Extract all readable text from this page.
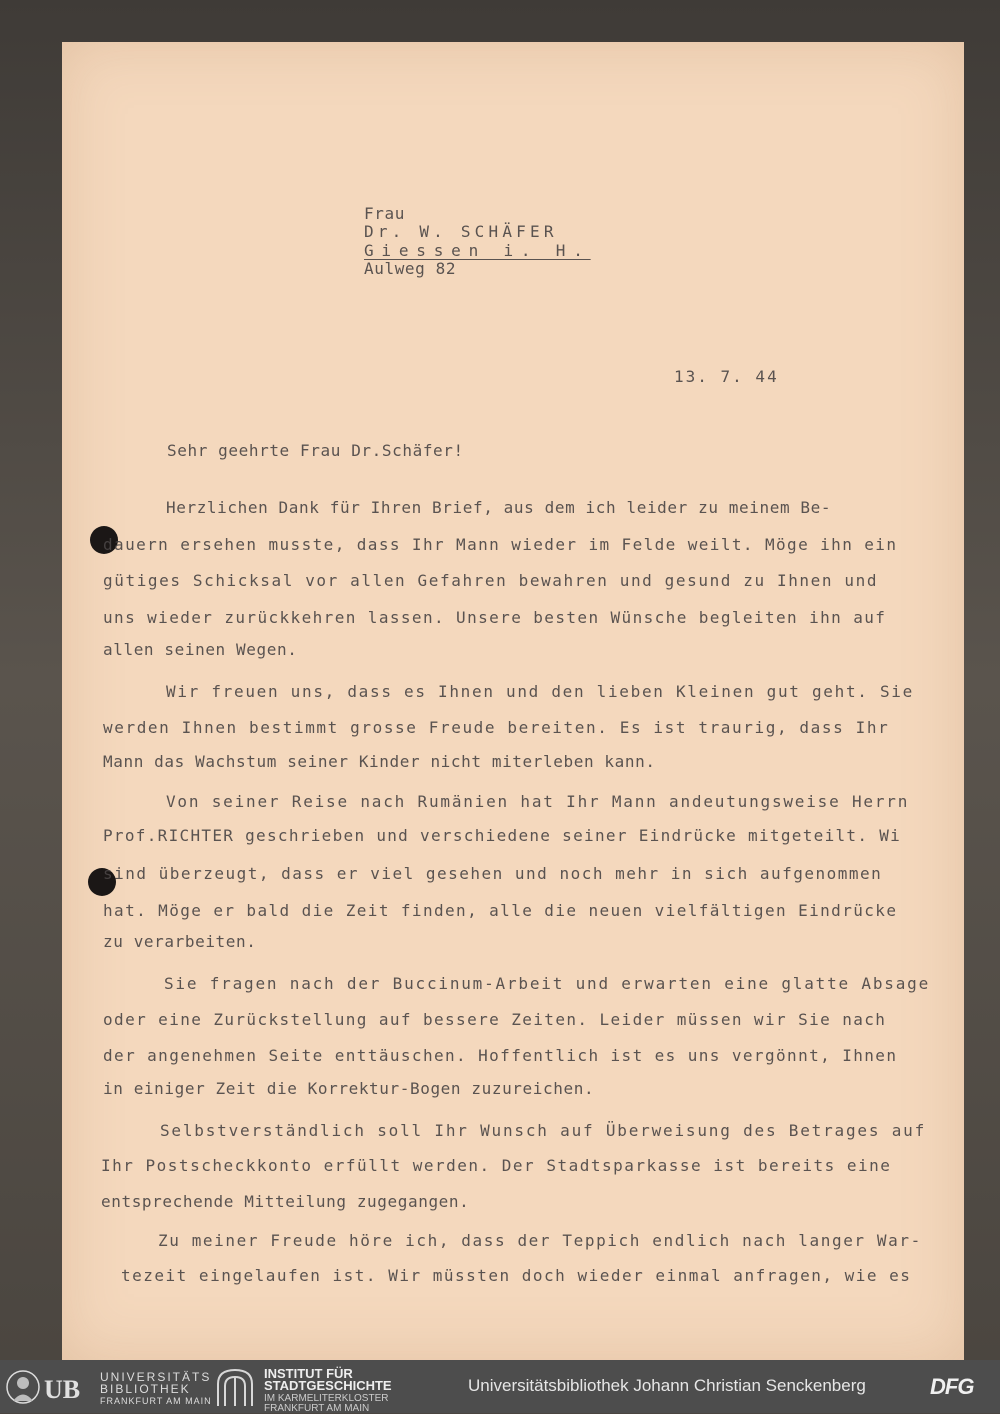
Frau
Dr. W. SCHÄFER
Giessen i. H.
Aulweg 82
13. 7. 44
Sehr geehrte Frau Dr.Schäfer!
Herzlichen Dank für Ihren Brief, aus dem ich leider zu meinem Be-
dauern ersehen musste, dass Ihr Mann wieder im Felde weilt. Möge ihn ein
gütiges Schicksal vor allen Gefahren bewahren und gesund zu Ihnen und
uns wieder zurückkehren lassen. Unsere besten Wünsche begleiten ihn auf
allen seinen Wegen.
Wir freuen uns, dass es Ihnen und den lieben Kleinen gut geht. Sie
werden Ihnen bestimmt grosse Freude bereiten. Es ist traurig, dass Ihr
Mann das Wachstum seiner Kinder nicht miterleben kann.
Von seiner Reise nach Rumänien hat Ihr Mann andeutungsweise Herrn
Prof.RICHTER geschrieben und verschiedene seiner Eindrücke mitgeteilt. Wi
sind überzeugt, dass er viel gesehen und noch mehr in sich aufgenommen
hat. Möge er bald die Zeit finden, alle die neuen vielfältigen Eindrücke
zu verarbeiten.
Sie fragen nach der Buccinum-Arbeit und erwarten eine glatte Absage
oder eine Zurückstellung auf bessere Zeiten. Leider müssen wir Sie nach
der angenehmen Seite enttäuschen. Hoffentlich ist es uns vergönnt, Ihnen
in einiger Zeit die Korrektur-Bogen zuzureichen.
Selbstverständlich soll Ihr Wunsch auf Überweisung des Betrages auf
Ihr Postscheckkonto erfüllt werden. Der Stadtsparkasse ist bereits eine
entsprechende Mitteilung zugegangen.
Zu meiner Freude höre ich, dass der Teppich endlich nach langer War-
tezeit eingelaufen ist. Wir müssten doch wieder einmal anfragen, wie es
UB UNIVERSITÄTS
BIBLIOTHEK
FRANKFURT AM MAIN
INSTITUT FÜR
STADTGESCHICHTE
IM KARMELITERKLOSTER
FRANKFURT AM MAIN
Universitätsbibliothek Johann Christian Senckenberg	DFG
